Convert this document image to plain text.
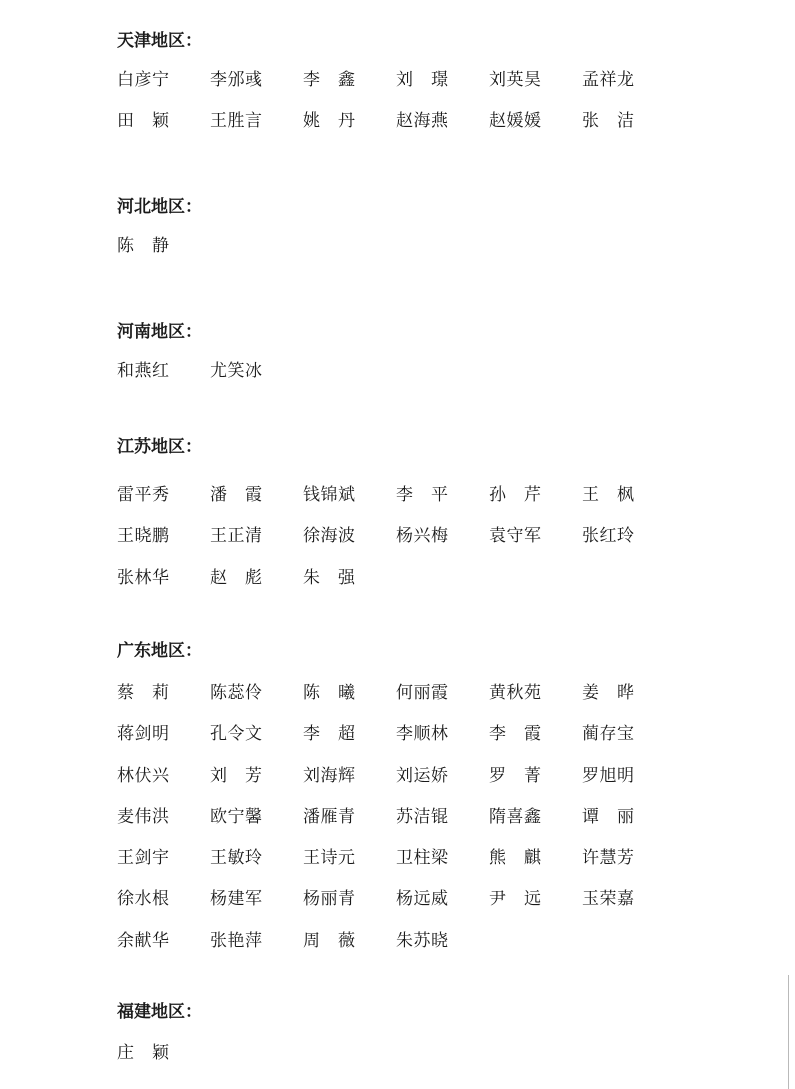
天津地区：
白彦宁	李邠彧	李　鑫	刘　璟	刘英昊	孟祥龙
田　颖	王胜言	姚　丹	赵海燕	赵媛媛	张　洁
河北地区：
陈　静
河南地区：
和燕红	尤笑冰
江苏地区：
雷平秀	潘　霞	钱锦斌	李　平	孙　芹	王　枫
王晓鹏	王正清	徐海波	杨兴梅	袁守军	张红玲
张林华	赵　彪	朱　强
广东地区：
蔡　莉	陈蕊伶	陈　曦	何丽霞	黄秋苑	姜　晔
蒋剑明	孔令文	李　超	李顺林	李　霞	蔺存宝
林伏兴	刘　芳	刘海辉	刘运娇	罗　菁	罗旭明
麦伟洪	欧宁馨	潘雁青	苏洁锟	隋喜鑫	谭　丽
王剑宇	王敏玲	王诗元	卫柱梁	熊　麒	许慧芳
徐水根	杨建军	杨丽青	杨远威	尹　远	玉荣嘉
余献华	张艳萍	周　薇	朱苏晓
福建地区：
庄　颖
